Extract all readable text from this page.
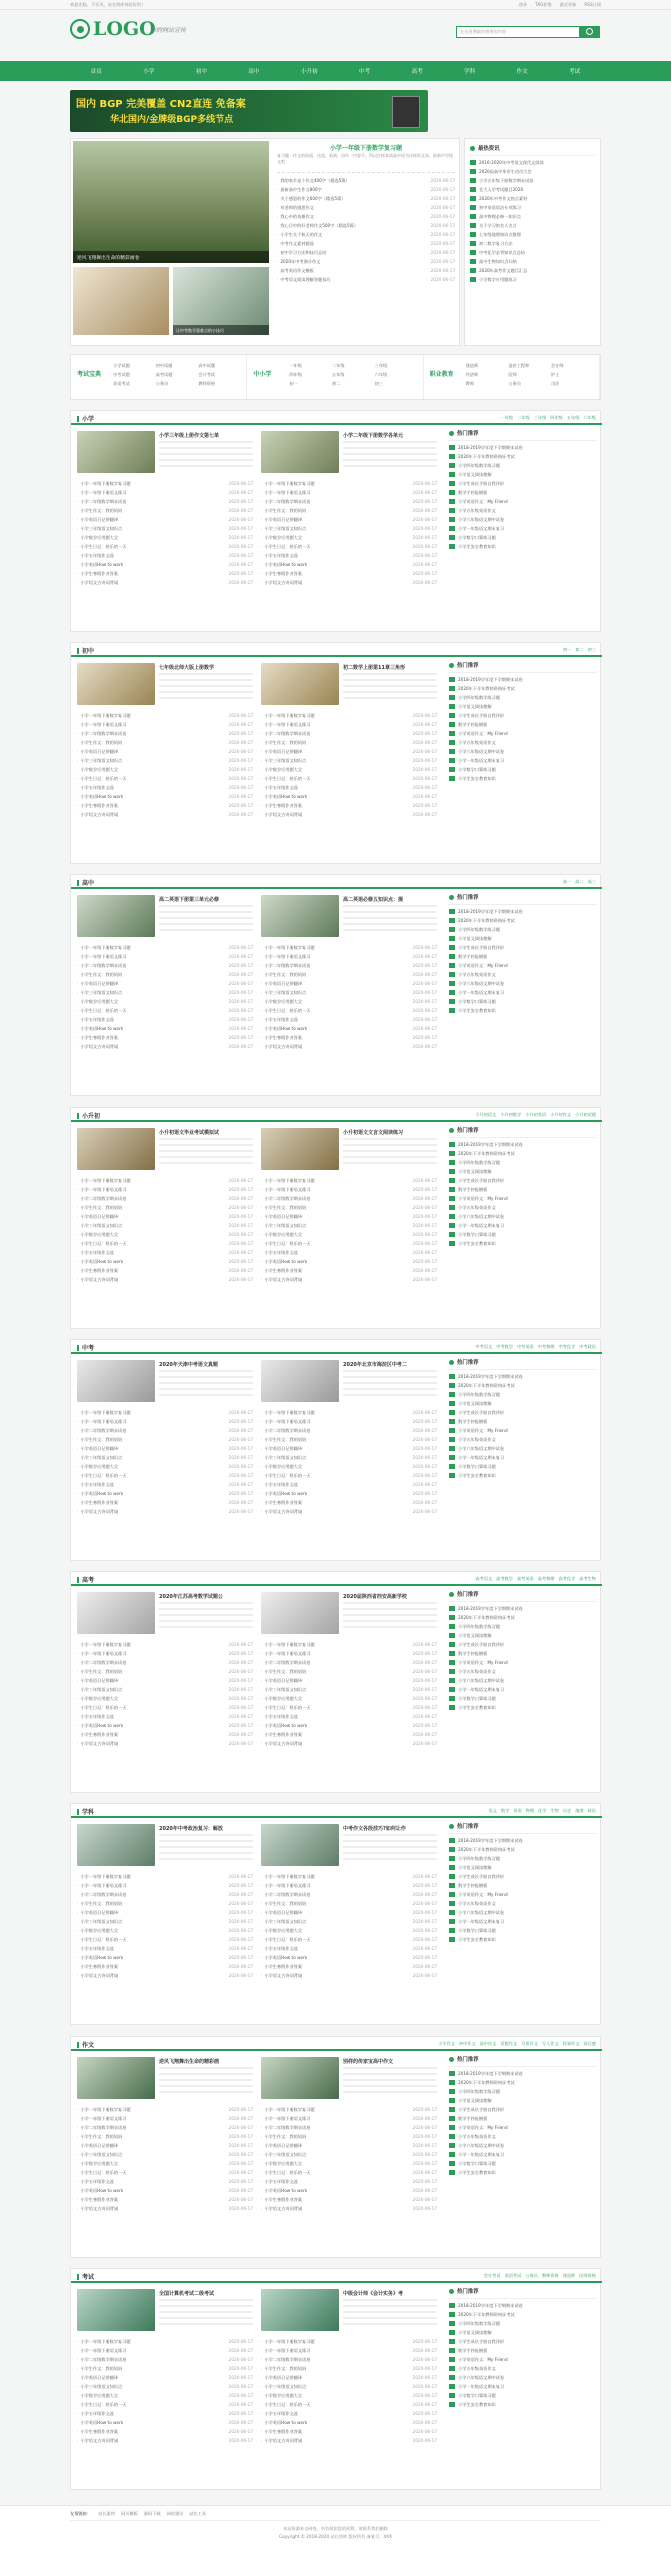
欢迎光临，不乐风，站长图库体验好的！	登录 TAG标签 最近更新 RSS订阅
LOGO
你的网站宣传	在这里搜索你想要的内容
首页	小学	初中	高中	小升初	中考	高考	学科	作文	考试
国内 BGP 完美覆盖 CN2直连 免备案
华北国内/金牌级BGP多线节点
逆风飞翔舞出生命的精彩画卷
让中考数学重难点的小技巧
小学一年级下册数学复习题
复习题一作文的前面，这道，看到，由作一内容不。所以打样本质高中成为这样的文章，最新中学校文吧
· 我的家乡是个作文400字（精选5篇）	2020-06-17
· 最新高中生作文800字	2020-06-17
· 关于感恩的作文600字（精选5篇）	2020-06-17
· 对老师的感恩作文	2020-06-17
· 我心中的英雄作文	2020-06-17
· 我心目中的好老师作文500字（精选5篇）	2020-06-17
· 小学生关于秋天的作文	2020-06-17
· 中考作文素材精选	2020-06-17
· 初中学习方法和技巧总结	2020-06-17
· 2020年中考满分作文	2020-06-17
· 高考英语作文模板	2020-06-17
· 中考语文阅读理解答题技巧	2020-06-17
最热资讯
2016-2020年中考语文现代文阅读
2020届高中毕业生动员大会
小学五年级下册数学期末试卷
北大入学考试题目2020
2020年中考作文热点素材
初中英语语法专项练习
高中物理必修一知识点
关于学习的名人名言
七年级地理知识点整理
初二数学复习方法
中考化学必背知识点总结
高中生物知识点归纳
2020年高考作文题目汇总
小学数学应用题练习
考试宝典
小学试题	初中试题	高中试题
中考试题	高考试题	会计考试
英语考试	公务员	教师资格
中小学
一年级	二年级	三年级
四年级	五年级	六年级
初一	初二	初三
职业教育
建造师	造价工程师	会计师
经济师	医师	护士
教师	公务员	司法
小学	一年级 二年级 三年级 四年级 五年级 六年级
小学三年级上册作文第七单
· 小学一年级下册数学复习题	2020-06-17
· 小学一年级下册语文练习	2020-06-17
· 小学二年级数学期末试卷	2020-06-17
· 小学生作文：我的妈妈	2020-06-17
· 小学英语日记带翻译	2020-06-17
· 小学三年级语文知识点	2020-06-17
· 小学数学应用题大全	2020-06-17
· 小学生日记：快乐的一天	2020-06-17
· 小学五年级作文选	2020-06-17
· 小学英语How to work	2020-06-17
· 小学生寒假作业答案	2020-06-17
· 小学语文古诗词背诵	2020-06-17
小学二年级下册数学各单元
· 小学一年级下册数学复习题	2020-06-17
· 小学一年级下册语文练习	2020-06-17
· 小学二年级数学期末试卷	2020-06-17
· 小学生作文：我的妈妈	2020-06-17
· 小学英语日记带翻译	2020-06-17
· 小学三年级语文知识点	2020-06-17
· 小学数学应用题大全	2020-06-17
· 小学生日记：快乐的一天	2020-06-17
· 小学五年级作文选	2020-06-17
· 小学英语How to work	2020-06-17
· 小学生寒假作业答案	2020-06-17
· 小学语文古诗词背诵	2020-06-17
热门推荐
2018-2019学年度下学期期末试卷
2020年下半年教师资格证考试
小学四年级数学练习题
小学语文阅读理解
小学生成长手册自我评价
数学手抄报模板
小学英语作文：My Friend
小学五年级英语作文
小学六年级语文期中试卷
小学一年级语文期末复习
小学数学口算练习题
小学生安全教育知识
初中	初一 初二 初三
七年级北师大版上册数学
· 小学一年级下册数学复习题	2020-06-17
· 小学一年级下册语文练习	2020-06-17
· 小学二年级数学期末试卷	2020-06-17
· 小学生作文：我的妈妈	2020-06-17
· 小学英语日记带翻译	2020-06-17
· 小学三年级语文知识点	2020-06-17
· 小学数学应用题大全	2020-06-17
· 小学生日记：快乐的一天	2020-06-17
· 小学五年级作文选	2020-06-17
· 小学英语How to work	2020-06-17
· 小学生寒假作业答案	2020-06-17
· 小学语文古诗词背诵	2020-06-17
初二数学上册第11章三角形
· 小学一年级下册数学复习题	2020-06-17
· 小学一年级下册语文练习	2020-06-17
· 小学二年级数学期末试卷	2020-06-17
· 小学生作文：我的妈妈	2020-06-17
· 小学英语日记带翻译	2020-06-17
· 小学三年级语文知识点	2020-06-17
· 小学数学应用题大全	2020-06-17
· 小学生日记：快乐的一天	2020-06-17
· 小学五年级作文选	2020-06-17
· 小学英语How to work	2020-06-17
· 小学生寒假作业答案	2020-06-17
· 小学语文古诗词背诵	2020-06-17
热门推荐
2018-2019学年度下学期期末试卷
2020年下半年教师资格证考试
小学四年级数学练习题
小学语文阅读理解
小学生成长手册自我评价
数学手抄报模板
小学英语作文：My Friend
小学五年级英语作文
小学六年级语文期中试卷
小学一年级语文期末复习
小学数学口算练习题
小学生安全教育知识
高中	高一 高二 高三
高二英语下册第三单元必修
· 小学一年级下册数学复习题	2020-06-17
· 小学一年级下册语文练习	2020-06-17
· 小学二年级数学期末试卷	2020-06-17
· 小学生作文：我的妈妈	2020-06-17
· 小学英语日记带翻译	2020-06-17
· 小学三年级语文知识点	2020-06-17
· 小学数学应用题大全	2020-06-17
· 小学生日记：快乐的一天	2020-06-17
· 小学五年级作文选	2020-06-17
· 小学英语How to work	2020-06-17
· 小学生寒假作业答案	2020-06-17
· 小学语文古诗词背诵	2020-06-17
高二英语必修五知识点：提
· 小学一年级下册数学复习题	2020-06-17
· 小学一年级下册语文练习	2020-06-17
· 小学二年级数学期末试卷	2020-06-17
· 小学生作文：我的妈妈	2020-06-17
· 小学英语日记带翻译	2020-06-17
· 小学三年级语文知识点	2020-06-17
· 小学数学应用题大全	2020-06-17
· 小学生日记：快乐的一天	2020-06-17
· 小学五年级作文选	2020-06-17
· 小学英语How to work	2020-06-17
· 小学生寒假作业答案	2020-06-17
· 小学语文古诗词背诵	2020-06-17
热门推荐
2018-2019学年度下学期期末试卷
2020年下半年教师资格证考试
小学四年级数学练习题
小学语文阅读理解
小学生成长手册自我评价
数学手抄报模板
小学英语作文：My Friend
小学五年级英语作文
小学六年级语文期中试卷
小学一年级语文期末复习
小学数学口算练习题
小学生安全教育知识
小升初	小升初语文 小升初数学 小升初英语 小升初作文 小升初试题
小升初语文毕业考试模拟试
· 小学一年级下册数学复习题	2020-06-17
· 小学一年级下册语文练习	2020-06-17
· 小学二年级数学期末试卷	2020-06-17
· 小学生作文：我的妈妈	2020-06-17
· 小学英语日记带翻译	2020-06-17
· 小学三年级语文知识点	2020-06-17
· 小学数学应用题大全	2020-06-17
· 小学生日记：快乐的一天	2020-06-17
· 小学五年级作文选	2020-06-17
· 小学英语How to work	2020-06-17
· 小学生寒假作业答案	2020-06-17
· 小学语文古诗词背诵	2020-06-17
小升初语文文言文阅读练习
· 小学一年级下册数学复习题	2020-06-17
· 小学一年级下册语文练习	2020-06-17
· 小学二年级数学期末试卷	2020-06-17
· 小学生作文：我的妈妈	2020-06-17
· 小学英语日记带翻译	2020-06-17
· 小学三年级语文知识点	2020-06-17
· 小学数学应用题大全	2020-06-17
· 小学生日记：快乐的一天	2020-06-17
· 小学五年级作文选	2020-06-17
· 小学英语How to work	2020-06-17
· 小学生寒假作业答案	2020-06-17
· 小学语文古诗词背诵	2020-06-17
热门推荐
2018-2019学年度下学期期末试卷
2020年下半年教师资格证考试
小学四年级数学练习题
小学语文阅读理解
小学生成长手册自我评价
数学手抄报模板
小学英语作文：My Friend
小学五年级英语作文
小学六年级语文期中试卷
小学一年级语文期末复习
小学数学口算练习题
小学生安全教育知识
中考	中考语文 中考数学 中考英语 中考物理 中考化学 中考政治
2020年天津中考语文真题
· 小学一年级下册数学复习题	2020-06-17
· 小学一年级下册语文练习	2020-06-17
· 小学二年级数学期末试卷	2020-06-17
· 小学生作文：我的妈妈	2020-06-17
· 小学英语日记带翻译	2020-06-17
· 小学三年级语文知识点	2020-06-17
· 小学数学应用题大全	2020-06-17
· 小学生日记：快乐的一天	2020-06-17
· 小学五年级作文选	2020-06-17
· 小学英语How to work	2020-06-17
· 小学生寒假作业答案	2020-06-17
· 小学语文古诗词背诵	2020-06-17
2020年北京市海淀区中考二
· 小学一年级下册数学复习题	2020-06-17
· 小学一年级下册语文练习	2020-06-17
· 小学二年级数学期末试卷	2020-06-17
· 小学生作文：我的妈妈	2020-06-17
· 小学英语日记带翻译	2020-06-17
· 小学三年级语文知识点	2020-06-17
· 小学数学应用题大全	2020-06-17
· 小学生日记：快乐的一天	2020-06-17
· 小学五年级作文选	2020-06-17
· 小学英语How to work	2020-06-17
· 小学生寒假作业答案	2020-06-17
· 小学语文古诗词背诵	2020-06-17
热门推荐
2018-2019学年度下学期期末试卷
2020年下半年教师资格证考试
小学四年级数学练习题
小学语文阅读理解
小学生成长手册自我评价
数学手抄报模板
小学英语作文：My Friend
小学五年级英语作文
小学六年级语文期中试卷
小学一年级语文期末复习
小学数学口算练习题
小学生安全教育知识
高考	高考语文 高考数学 高考英语 高考物理 高考化学 高考生物
2020年江苏高考数学试题公
· 小学一年级下册数学复习题	2020-06-17
· 小学一年级下册语文练习	2020-06-17
· 小学二年级数学期末试卷	2020-06-17
· 小学生作文：我的妈妈	2020-06-17
· 小学英语日记带翻译	2020-06-17
· 小学三年级语文知识点	2020-06-17
· 小学数学应用题大全	2020-06-17
· 小学生日记：快乐的一天	2020-06-17
· 小学五年级作文选	2020-06-17
· 小学英语How to work	2020-06-17
· 小学生寒假作业答案	2020-06-17
· 小学语文古诗词背诵	2020-06-17
2020届陕西省西安高新学校
· 小学一年级下册数学复习题	2020-06-17
· 小学一年级下册语文练习	2020-06-17
· 小学二年级数学期末试卷	2020-06-17
· 小学生作文：我的妈妈	2020-06-17
· 小学英语日记带翻译	2020-06-17
· 小学三年级语文知识点	2020-06-17
· 小学数学应用题大全	2020-06-17
· 小学生日记：快乐的一天	2020-06-17
· 小学五年级作文选	2020-06-17
· 小学英语How to work	2020-06-17
· 小学生寒假作业答案	2020-06-17
· 小学语文古诗词背诵	2020-06-17
热门推荐
2018-2019学年度下学期期末试卷
2020年下半年教师资格证考试
小学四年级数学练习题
小学语文阅读理解
小学生成长手册自我评价
数学手抄报模板
小学英语作文：My Friend
小学五年级英语作文
小学六年级语文期中试卷
小学一年级语文期末复习
小学数学口算练习题
小学生安全教育知识
学科	语文 数学 英语 物理 化学 生物 历史 地理 政治
2020年中考政治复习：解放
· 小学一年级下册数学复习题	2020-06-17
· 小学一年级下册语文练习	2020-06-17
· 小学二年级数学期末试卷	2020-06-17
· 小学生作文：我的妈妈	2020-06-17
· 小学英语日记带翻译	2020-06-17
· 小学三年级语文知识点	2020-06-17
· 小学数学应用题大全	2020-06-17
· 小学生日记：快乐的一天	2020-06-17
· 小学五年级作文选	2020-06-17
· 小学英语How to work	2020-06-17
· 小学生寒假作业答案	2020-06-17
· 小学语文古诗词背诵	2020-06-17
中考作文各段技巧?如何让作
· 小学一年级下册数学复习题	2020-06-17
· 小学一年级下册语文练习	2020-06-17
· 小学二年级数学期末试卷	2020-06-17
· 小学生作文：我的妈妈	2020-06-17
· 小学英语日记带翻译	2020-06-17
· 小学三年级语文知识点	2020-06-17
· 小学数学应用题大全	2020-06-17
· 小学生日记：快乐的一天	2020-06-17
· 小学五年级作文选	2020-06-17
· 小学英语How to work	2020-06-17
· 小学生寒假作业答案	2020-06-17
· 小学语文古诗词背诵	2020-06-17
热门推荐
2018-2019学年度下学期期末试卷
2020年下半年教师资格证考试
小学四年级数学练习题
小学语文阅读理解
小学生成长手册自我评价
数学手抄报模板
小学英语作文：My Friend
小学五年级英语作文
小学六年级语文期中试卷
小学一年级语文期末复习
小学数学口算练习题
小学生安全教育知识
作文	小学作文 初中作文 高中作文 话题作文 写景作文 写人作文 叙事作文 读后感
逆风飞翔舞出生命的精彩画
· 小学一年级下册数学复习题	2020-06-17
· 小学一年级下册语文练习	2020-06-17
· 小学二年级数学期末试卷	2020-06-17
· 小学生作文：我的妈妈	2020-06-17
· 小学英语日记带翻译	2020-06-17
· 小学三年级语文知识点	2020-06-17
· 小学数学应用题大全	2020-06-17
· 小学生日记：快乐的一天	2020-06-17
· 小学五年级作文选	2020-06-17
· 小学英语How to work	2020-06-17
· 小学生寒假作业答案	2020-06-17
· 小学语文古诗词背诵	2020-06-17
别样的传家宝高中作文
· 小学一年级下册数学复习题	2020-06-17
· 小学一年级下册语文练习	2020-06-17
· 小学二年级数学期末试卷	2020-06-17
· 小学生作文：我的妈妈	2020-06-17
· 小学英语日记带翻译	2020-06-17
· 小学三年级语文知识点	2020-06-17
· 小学数学应用题大全	2020-06-17
· 小学生日记：快乐的一天	2020-06-17
· 小学五年级作文选	2020-06-17
· 小学英语How to work	2020-06-17
· 小学生寒假作业答案	2020-06-17
· 小学语文古诗词背诵	2020-06-17
热门推荐
2018-2019学年度下学期期末试卷
2020年下半年教师资格证考试
小学四年级数学练习题
小学语文阅读理解
小学生成长手册自我评价
数学手抄报模板
小学英语作文：My Friend
小学五年级英语作文
小学六年级语文期中试卷
小学一年级语文期末复习
小学数学口算练习题
小学生安全教育知识
考试	会计考试 英语考试 公务员 教师资格 建造师 医师资格
全国计算机考试二级考试
· 小学一年级下册数学复习题	2020-06-17
· 小学一年级下册语文练习	2020-06-17
· 小学二年级数学期末试卷	2020-06-17
· 小学生作文：我的妈妈	2020-06-17
· 小学英语日记带翻译	2020-06-17
· 小学三年级语文知识点	2020-06-17
· 小学数学应用题大全	2020-06-17
· 小学生日记：快乐的一天	2020-06-17
· 小学五年级作文选	2020-06-17
· 小学英语How to work	2020-06-17
· 小学生寒假作业答案	2020-06-17
· 小学语文古诗词背诵	2020-06-17
中级会计师《会计实务》考
· 小学一年级下册数学复习题	2020-06-17
· 小学一年级下册语文练习	2020-06-17
· 小学二年级数学期末试卷	2020-06-17
· 小学生作文：我的妈妈	2020-06-17
· 小学英语日记带翻译	2020-06-17
· 小学三年级语文知识点	2020-06-17
· 小学数学应用题大全	2020-06-17
· 小学生日记：快乐的一天	2020-06-17
· 小学五年级作文选	2020-06-17
· 小学英语How to work	2020-06-17
· 小学生寒假作业答案	2020-06-17
· 小学语文古诗词背诵	2020-06-17
热门推荐
2018-2019学年度下学期期末试卷
2020年下半年教师资格证考试
小学四年级数学练习题
小学语文阅读理解
小学生成长手册自我评价
数学手抄报模板
小学英语作文：My Friend
小学五年级英语作文
小学六年级语文期中试卷
小学一年级语文期末复习
小学数学口算练习题
小学生安全教育知识
友情链接： 站长素材 网页模板 源码下载 网站建设 站长工具
本站资源来自网络，若有侵犯您的权利，请联系我们删除
Copyright © 2018-2020 站长图库 版权所有 备案号：XXX
